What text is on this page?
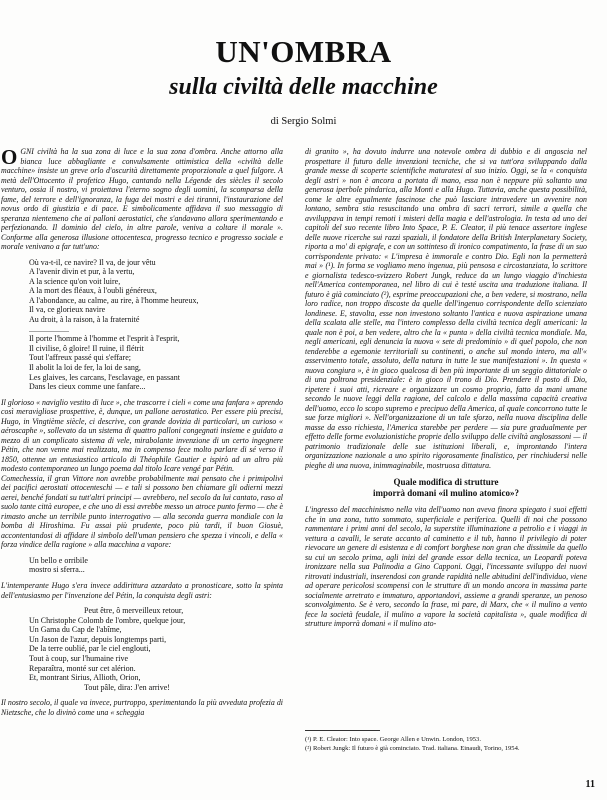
UN'OMBRA
sulla civiltà delle macchine
di Sergio Solmi

OGNI civiltà ha la sua zona di luce e la sua zona d'ombra. Anche attorno alla bianca luce abbagliante e convulsamente ottimistica della «civiltà delle macchine» insiste un greve orlo d'oscurità direttamente proporzionale a quel fulgore. A metà dell'Ottocento il profetico Hugo, cantando nella Légende des siècles il secolo venturo, ossia il nostro, vi proiettava l'eterno sogno degli uomini, la scomparsa della fame, del terrore e dell'ignoranza, la fuga dei mostri e dei tiranni, l'instaurazione del novus ordo di giustizia e di pace. E simbolicamente affidava il suo messaggio di speranza nientemeno che ai palloni aerostatici, che s'andavano allora sperimentando e perfezionando. Il dominio del cielo, in altre parole, veniva a coltare il morale ». Conforme alla generosa illusione ottocentesca, progresso tecnico e progresso sociale e morale venivano a far tutt'uno:

Où va-t-il, ce navire? Il va, de jour vêtu
A l'avenir divin et pur, à la vertu,
A la science qu'on voit luire,
A la mort des fléaux, à l'oubli généreux,
A l'abondance, au calme, au rire, à l'homme heureux,
Il va, ce glorieux navire
Au droit, à la raison, à la fraternité
....................
Il porte l'homme à l'homme et l'esprit à l'esprit,
Il civilise, ô gloire! Il ruine, il flétrit
Tout l'affreux passé qui s'effare;
Il abolit la loi de fer, la loi de sang,
Les glaives, les carcans, l'esclavage, en passant
Dans les cieux comme une fanfare...

Il glorioso « naviglio vestito di luce », che trascorre i cieli « come una fanfara » aprendo così meravigliose prospettive, è, dunque, un pallone aerostatico. Per essere più precisi, Hugo, in Vingtième siècle, ci descrive, con grande dovizia di particolari, un curioso « aéroscaphe », sollevato da un sistema di quattro palloni congegnati insieme e guidato a mezzo di un complicato sistema di vele, mirabolante invenzione di un certo ingegnere Pétin, che non venne mai realizzata, ma in compenso fece molto parlare di sé verso il 1850, ottenne un entusiastico articolo di Théophile Gautier e ispirò ad un altro più modesto contemporaneo un lungo poema dal titolo Icare vengé par Pétin.

Comechessia, il gran Vittore non avrebbe probabilmente mai pensato che i primipolivi dei pacifici aerostati ottocenteschi — e tali si possono ben chiamare gli odierni mezzi aerei, benché fondati su tutt'altri principi — avrebbero, nel secolo da lui cantato, raso al suolo tante città europee, e che uno di essi avrebbe messo un atroce punto fermo — che è rimasto anche un terribile punto interrogativo — alla seconda guerra mondiale con la bomba di Hiroshima. Fu assai più prudente, poco più tardi, il buon Giosuè, accontentandosi di affidare il simbolo dell'uman pensiero che spezza i vincoli, e della « forza vindice della ragione » alla macchina a vapore:

Un bello e orribile
mostro si sferra...

L'intemperante Hugo s'era invece addirittura azzardato a pronosticare, sotto la spinta dell'entusiasmo per l'invenzione del Pétin, la conquista degli astri:

Peut être, ô merveilleux retour,
Un Christophe Colomb de l'ombre, quelque jour,
Un Gama du Cap de l'abîme,
Un Jason de l'azur, depuis longtemps parti,
De la terre oublié, par le ciel englouti,
Tout à coup, sur l'humaine rive
Reparaîtra, monté sur cet alérion.
Et, montrant Sirius, Allioth, Orion,
Tout pâle, dira: J'en arrive!

Il nostro secolo, il quale va invece, purtroppo, sperimentando la più avveduta profezia di Nietzsche, che lo divinò come una « scheggia

di granito », ha dovuto indurre una notevole ombra di dubbio e di angoscia nel prospettare il futuro delle invenzioni tecniche, che si va tutt'ora sviluppando dalla grande messe di scoperte scientifiche maturatesi al suo inizio. Oggi, se la « conquista degli astri » non è ancora a portata di mano, essa non è neppure più soltanto una generosa iperbole pindarica, alla Monti e alla Hugo. Tuttavia, anche questa possibilità, come le altre egualmente fascinose che può lasciare intravedere un avvenire non lontano, sembra stia resuscitando una ombra di sacri terrori, simile a quella che avviluppava in tempi remoti i misteri della magia e dell'astrologia. In testa ad uno dei capitoli del suo recente libro Into Space, P. E. Cleator, il più tenace assertore inglese delle nuove ricerche sui razzi spaziali, il fondatore della British Interplanetary Society, riporta a mo' di epigrafe, e con un sottinteso di ironico compatimento, la frase di un suo corrispondente privato: « L'impresa è immorale e contro Dio. Egli non la permetterà mai » (¹). In forma se vogliamo meno ingenua, più pensosa e circostanziata, lo scrittore e giornalista tedesco-svizzero Robert Jungk, reduce da un lungo viaggio d'inchiesta nell'America contemporanea, nel libro di cui è testé uscita una traduzione italiana. Il futuro è già cominciato (²), esprime preoccupazioni che, a ben vedere, si mostrano, nella loro radice, non troppo discoste da quelle dell'ingenuo corrispondente dello scienziato londinese. E, stavolta, esse non investono soltanto l'antica e nuova aspirazione umana della scalata alle stelle, ma l'intero complesso della civiltà tecnica degli americani: la quale non è poi, a ben vedere, altro che la « punta » della civiltà tecnica mondiale. Ma, negli americani, egli denuncia la nuova « sete di predominio » di quel popolo, che non tenderebbe a egemonie territoriali su continenti, o anche sul mondo intero, ma all'« asservimento totale, assoluto, della natura in tutte le sue manifestazioni ». In questa « nuova congiura », è in gioco qualcosa di ben più importante di un seggio dittatoriale o di una poltrona presidenziale: è in gioco il trono di Dio. Prendere il posto di Dio, ripetere i suoi atti, ricreare e organizzare un cosmo proprio, fatto da mani umane secondo le nuove leggi della ragione, del calcolo e della massima capacità creativa dell'uomo, ecco lo scopo supremo e precipuo della America, al quale concorrono tutte le sue forze migliori ». Nell'organizzazione di un tale sforzo, nella nuova disciplina delle masse da esso richiesta, l'America starebbe per perdere — sia pure gradualmente per effetto delle forme evoluzionistiche proprie dello sviluppo delle civiltà anglosassoni — il patrimonio tradizionale delle sue istituzioni liberali, e, improntando l'intera organizzazione nazionale a uno spirito rigorosamente finalistico, per rinchiudersi nelle pieghe di una nuova, inimmaginabile, mostruosa dittatura.

Quale modifica di strutture
imporrà domani «il mulino atomico»?

L'ingresso del macchinismo nella vita dell'uomo non aveva finora spiegato i suoi effetti che in una zona, tutto sommato, superficiale e periferica. Quelli di noi che possono rammentare i primi anni del secolo, la superstite illuminazione a petrolio e i viaggi in vettura a cavalli, le serate accanto al caminetto e il tub, hanno il privilegio di poter rievocare un genere di esistenza e di comfort borghese non gran che dissimile da quello su cui un secolo prima, agli inizi del grande essor della tecnica, un Leopardi poteva ironizzare nella sua Palinodia a Gino Capponi. Oggi, l'incessante sviluppo dei nuovi ritrovati industriali, inserendosi con grande rapidità nelle abitudini dell'individuo, viene ad operare pericolosi scompensi con le strutture di un mondo ancora in massima parte socialmente arretrato e immaturo, apportandovi, assieme a grandi speranze, un penoso sconvolgimento. Se è vero, secondo la frase, mi pare, di Marx, che « il mulino a vento fece la società feudale, il mulino a vapore la società capitalista », quale modifica di strutture imporrà domani « il mulino ato-

(¹) P. E. Cleator: Into space. George Allen e Unwin. London, 1953.
(²) Robert Jungk: Il futuro è già cominciato. Trad. italiana. Einaudi, Torino, 1954.
11
